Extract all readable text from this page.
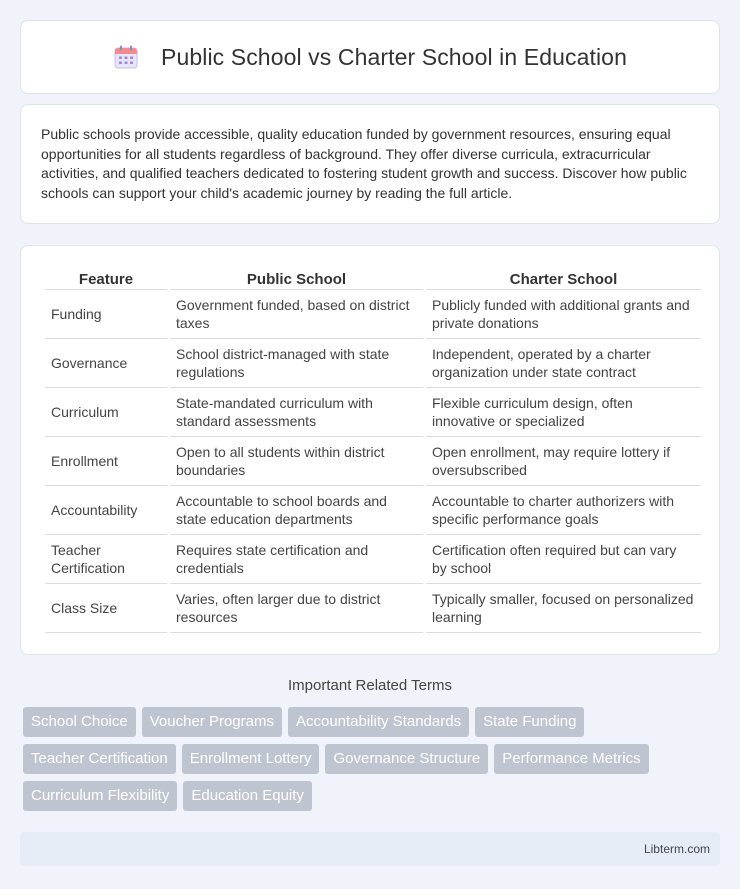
Public School vs Charter School in Education

Public schools provide accessible, quality education funded by government resources, ensuring equal opportunities for all students regardless of background. They offer diverse curricula, extracurricular activities, and qualified teachers dedicated to fostering student growth and success. Discover how public schools can support your child's academic journey by reading the full article.

Feature	Public School	Charter School
Funding	Government funded, based on district taxes	Publicly funded with additional grants and private donations
Governance	School district-managed with state regulations	Independent, operated by a charter organization under state contract
Curriculum	State-mandated curriculum with standard assessments	Flexible curriculum design, often innovative or specialized
Enrollment	Open to all students within district boundaries	Open enrollment, may require lottery if oversubscribed
Accountability	Accountable to school boards and state education departments	Accountable to charter authorizers with specific performance goals
Teacher Certification	Requires state certification and credentials	Certification often required but can vary by school
Class Size	Varies, often larger due to district resources	Typically smaller, focused on personalized learning
Important Related Terms
School Choice	Voucher Programs	Accountability Standards	State Funding
Teacher Certification	Enrollment Lottery	Governance Structure	Performance Metrics
Curriculum Flexibility	Education Equity
Libterm.com
